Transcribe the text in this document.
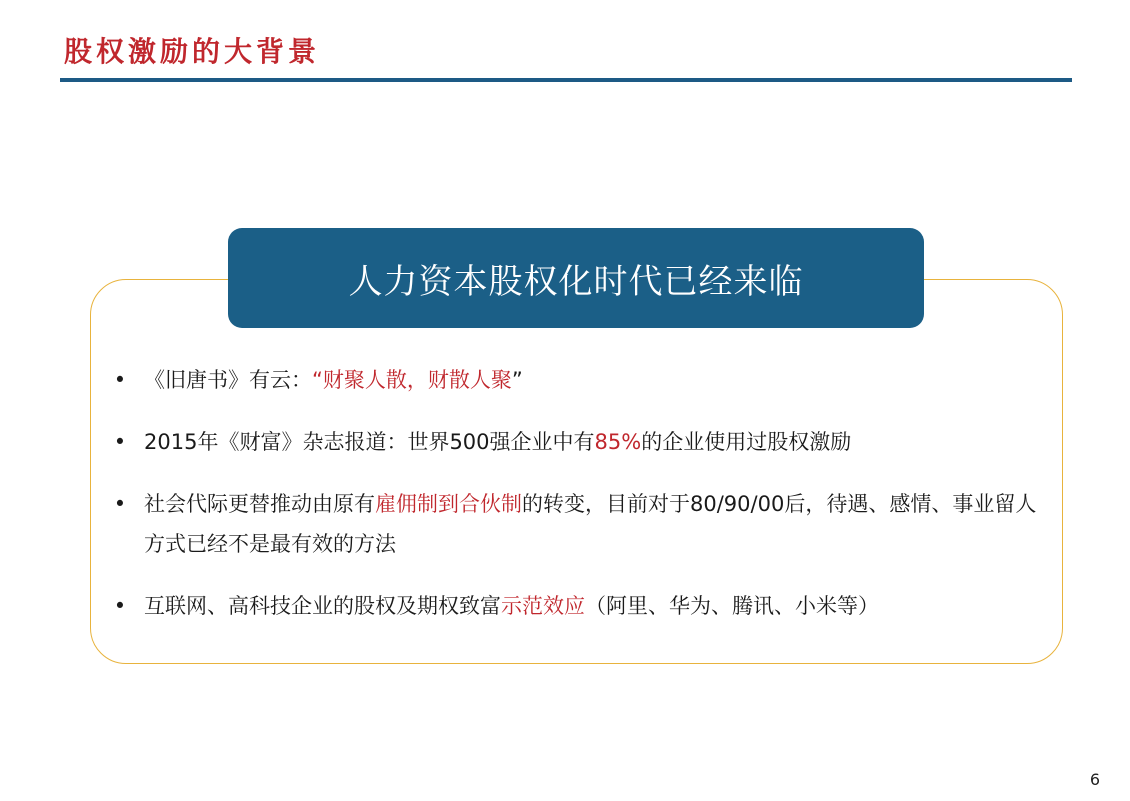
股权激励的大背景
人力资本股权化时代已经来临
• 《旧唐书》有云：“财聚人散，财散人聚”
• 2015年《财富》杂志报道：世界500强企业中有85%的企业使用过股权激励
• 社会代际更替推动由原有雇佣制到合伙制的转变，目前对于80/90/00后，待遇、感情、事业留人方式已经不是最有效的方法
• 互联网、高科技企业的股权及期权致富示范效应（阿里、华为、腾讯、小米等）
6
